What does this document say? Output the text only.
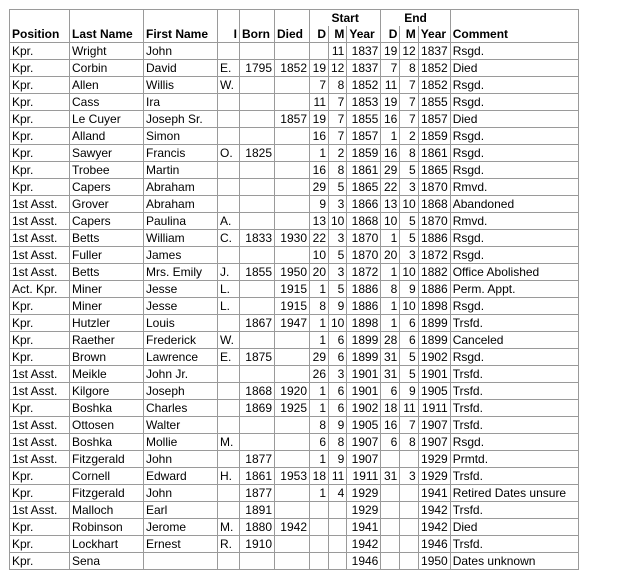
						Start			End			
Position	Last Name	First Name	I	Born	Died	D	M	Year	D	M	Year	Comment
Kpr.	Wright	John					11	1837	19	12	1837	Rsgd.
Kpr.	Corbin	David	E.	1795	1852	19	12	1837	7	8	1852	Died
Kpr.	Allen	Willis	W.			7	8	1852	11	7	1852	Rsgd.
Kpr.	Cass	Ira				11	7	1853	19	7	1855	Rsgd.
Kpr.	Le Cuyer	Joseph Sr.			1857	19	7	1855	16	7	1857	Died
Kpr.	Alland	Simon				16	7	1857	1	2	1859	Rsgd.
Kpr.	Sawyer	Francis	O.	1825		1	2	1859	16	8	1861	Rsgd.
Kpr.	Trobee	Martin				16	8	1861	29	5	1865	Rsgd.
Kpr.	Capers	Abraham				29	5	1865	22	3	1870	Rmvd.
1st Asst.	Grover	Abraham				9	3	1866	13	10	1868	Abandoned
1st Asst.	Capers	Paulina	A.			13	10	1868	10	5	1870	Rmvd.
1st Asst.	Betts	William	C.	1833	1930	22	3	1870	1	5	1886	Rsgd.
1st Asst.	Fuller	James				10	5	1870	20	3	1872	Rsgd.
1st Asst.	Betts	Mrs. Emily	J.	1855	1950	20	3	1872	1	10	1882	Office Abolished
Act. Kpr.	Miner	Jesse	L.		1915	1	5	1886	8	9	1886	Perm. Appt.
Kpr.	Miner	Jesse	L.		1915	8	9	1886	1	10	1898	Rsgd.
Kpr.	Hutzler	Louis		1867	1947	1	10	1898	1	6	1899	Trsfd.
Kpr.	Raether	Frederick	W.			1	6	1899	28	6	1899	Canceled
Kpr.	Brown	Lawrence	E.	1875		29	6	1899	31	5	1902	Rsgd.
1st Asst.	Meikle	John Jr.				26	3	1901	31	5	1901	Trsfd.
1st Asst.	Kilgore	Joseph		1868	1920	1	6	1901	6	9	1905	Trsfd.
Kpr.	Boshka	Charles		1869	1925	1	6	1902	18	11	1911	Trsfd.
1st Asst.	Ottosen	Walter				8	9	1905	16	7	1907	Trsfd.
1st Asst.	Boshka	Mollie	M.			6	8	1907	6	8	1907	Rsgd.
1st Asst.	Fitzgerald	John		1877		1	9	1907			1929	Prmtd.
Kpr.	Cornell	Edward	H.	1861	1953	18	11	1911	31	3	1929	Trsfd.
Kpr.	Fitzgerald	John		1877		1	4	1929			1941	Retired Dates unsure
1st Asst.	Malloch	Earl		1891				1929			1942	Trsfd.
Kpr.	Robinson	Jerome	M.	1880	1942			1941			1942	Died
Kpr.	Lockhart	Ernest	R.	1910				1942			1946	Trsfd.
Kpr.	Sena							1946			1950	Dates unknown
